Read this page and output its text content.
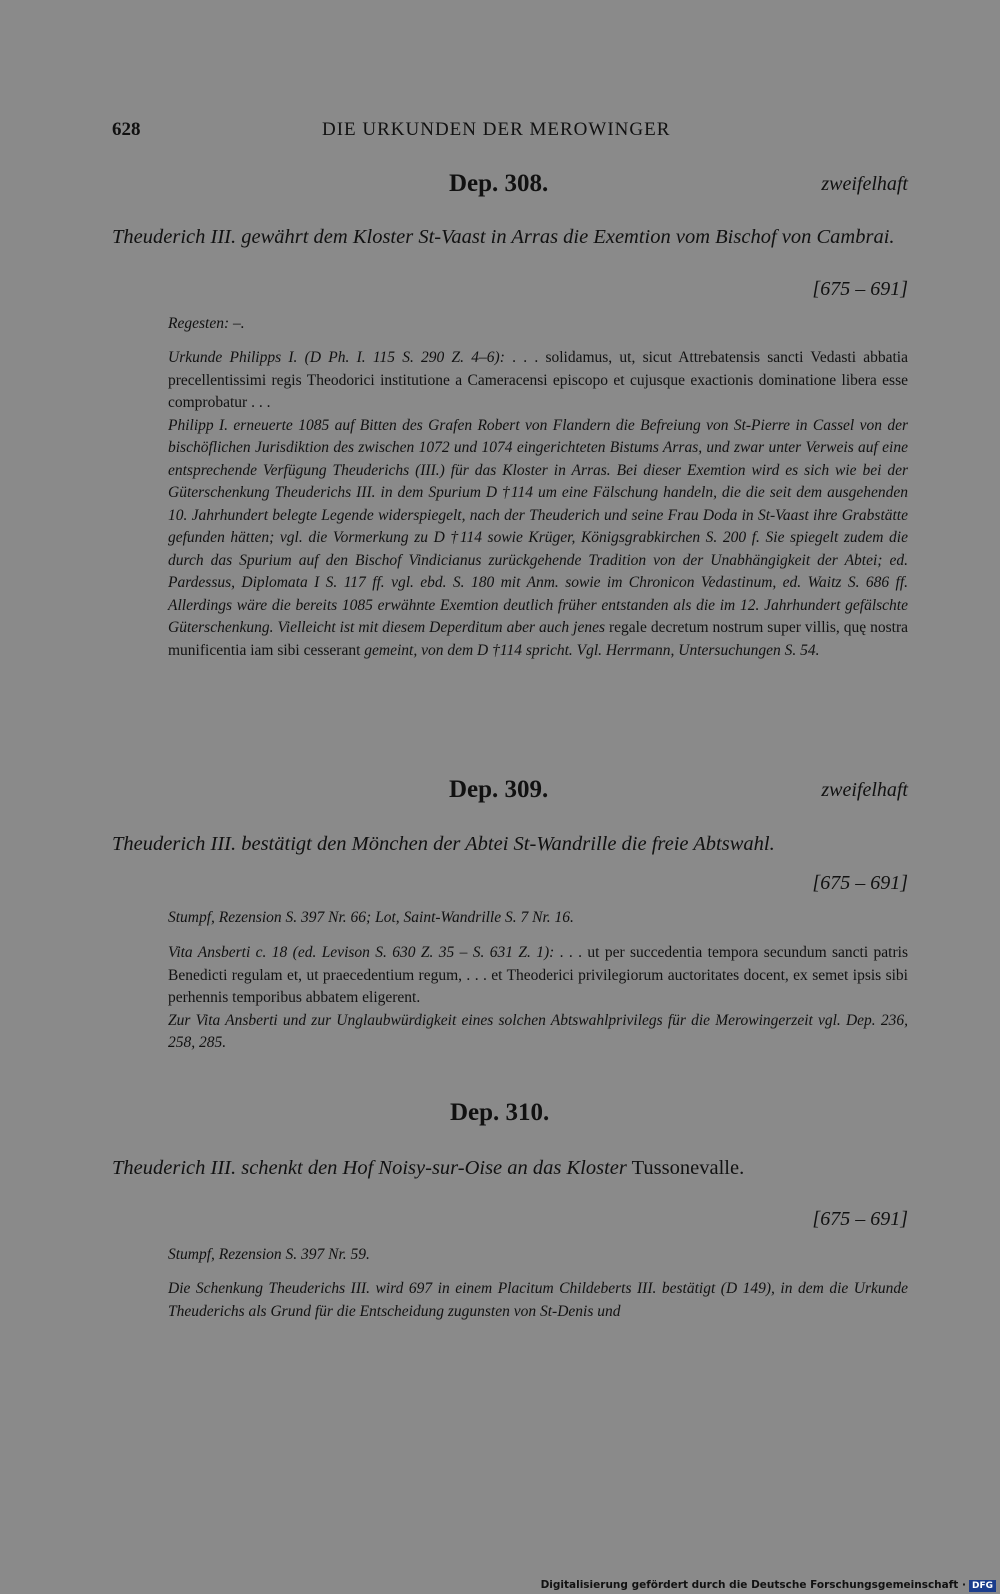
628	DIE URKUNDEN DER MEROWINGER
Dep. 308.	zweifelhaft
Theuderich III. gewährt dem Kloster St-Vaast in Arras die Exemtion vom Bischof von Cambrai.
[675 – 691]
Regesten: –.

Urkunde Philipps I. (D Ph. I. 115 S. 290 Z. 4–6): . . . solidamus, ut, sicut Attrebatensis sancti Vedasti abbatia precellentissimi regis Theodorici institutione a Cameracensi episcopo et cujusque exactionis dominatione libera esse comprobatur . . .

Philipp I. erneuerte 1085 auf Bitten des Grafen Robert von Flandern die Befreiung von St-Pierre in Cassel von der bischöflichen Jurisdiktion des zwischen 1072 und 1074 eingerichteten Bistums Arras, und zwar unter Verweis auf eine entsprechende Verfügung Theuderichs (III.) für das Kloster in Arras. Bei dieser Exemtion wird es sich wie bei der Güterschenkung Theuderichs III. in dem Spurium D †114 um eine Fälschung handeln, die die seit dem ausgehenden 10. Jahrhundert belegte Legende widerspiegelt, nach der Theuderich und seine Frau Doda in St-Vaast ihre Grabstätte gefunden hätten; vgl. die Vormerkung zu D †114 sowie Krüger, Königsgrabkirchen S. 200 f. Sie spiegelt zudem die durch das Spurium auf den Bischof Vindicianus zurückgehende Tradition von der Unabhängigkeit der Abtei; ed. Pardessus, Diplomata I S. 117 ff. vgl. ebd. S. 180 mit Anm. sowie im Chronicon Vedastinum, ed. Waitz S. 686 ff. Allerdings wäre die bereits 1085 erwähnte Exemtion deutlich früher entstanden als die im 12. Jahrhundert gefälschte Güterschenkung. Vielleicht ist mit diesem Deperditum aber auch jenes regale decretum nostrum super villis, quę nostra munificentia iam sibi cesserant gemeint, von dem D †114 spricht. Vgl. Herrmann, Untersuchungen S. 54.

Dep. 309.	zweifelhaft
Theuderich III. bestätigt den Mönchen der Abtei St-Wandrille die freie Abtswahl.
[675 – 691]
Stumpf, Rezension S. 397 Nr. 66; Lot, Saint-Wandrille S. 7 Nr. 16.

Vita Ansberti c. 18 (ed. Levison S. 630 Z. 35 – S. 631 Z. 1): . . . ut per succedentia tempora secundum sancti patris Benedicti regulam et, ut praecedentium regum, . . . et Theoderici privilegiorum auctoritates docent, ex semet ipsis sibi perhennis temporibus abbatem eligerent.

Zur Vita Ansberti und zur Unglaubwürdigkeit eines solchen Abtswahlprivilegs für die Merowingerzeit vgl. Dep. 236, 258, 285.

Dep. 310.
Theuderich III. schenkt den Hof Noisy-sur-Oise an das Kloster Tussonevalle.
[675 – 691]
Stumpf, Rezension S. 397 Nr. 59.
Die Schenkung Theuderichs III. wird 697 in einem Placitum Childeberts III. bestätigt (D 149), in dem die Urkunde Theuderichs als Grund für die Entscheidung zugunsten von St-Denis und
Digitalisierung gefördert durch die Deutsche Forschungsgemeinschaft · DFG
